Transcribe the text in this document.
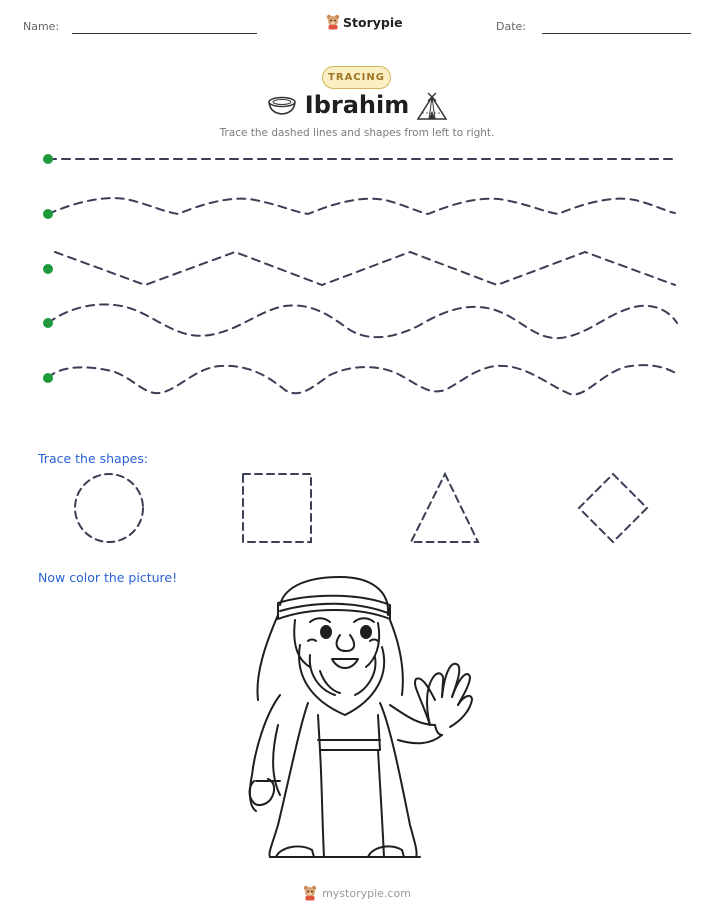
Name:	Storypie	Date:
TRACING
Ibrahim
Trace the dashed lines and shapes from left to right.
Trace the shapes:
Now color the picture!
mystorypie.com
